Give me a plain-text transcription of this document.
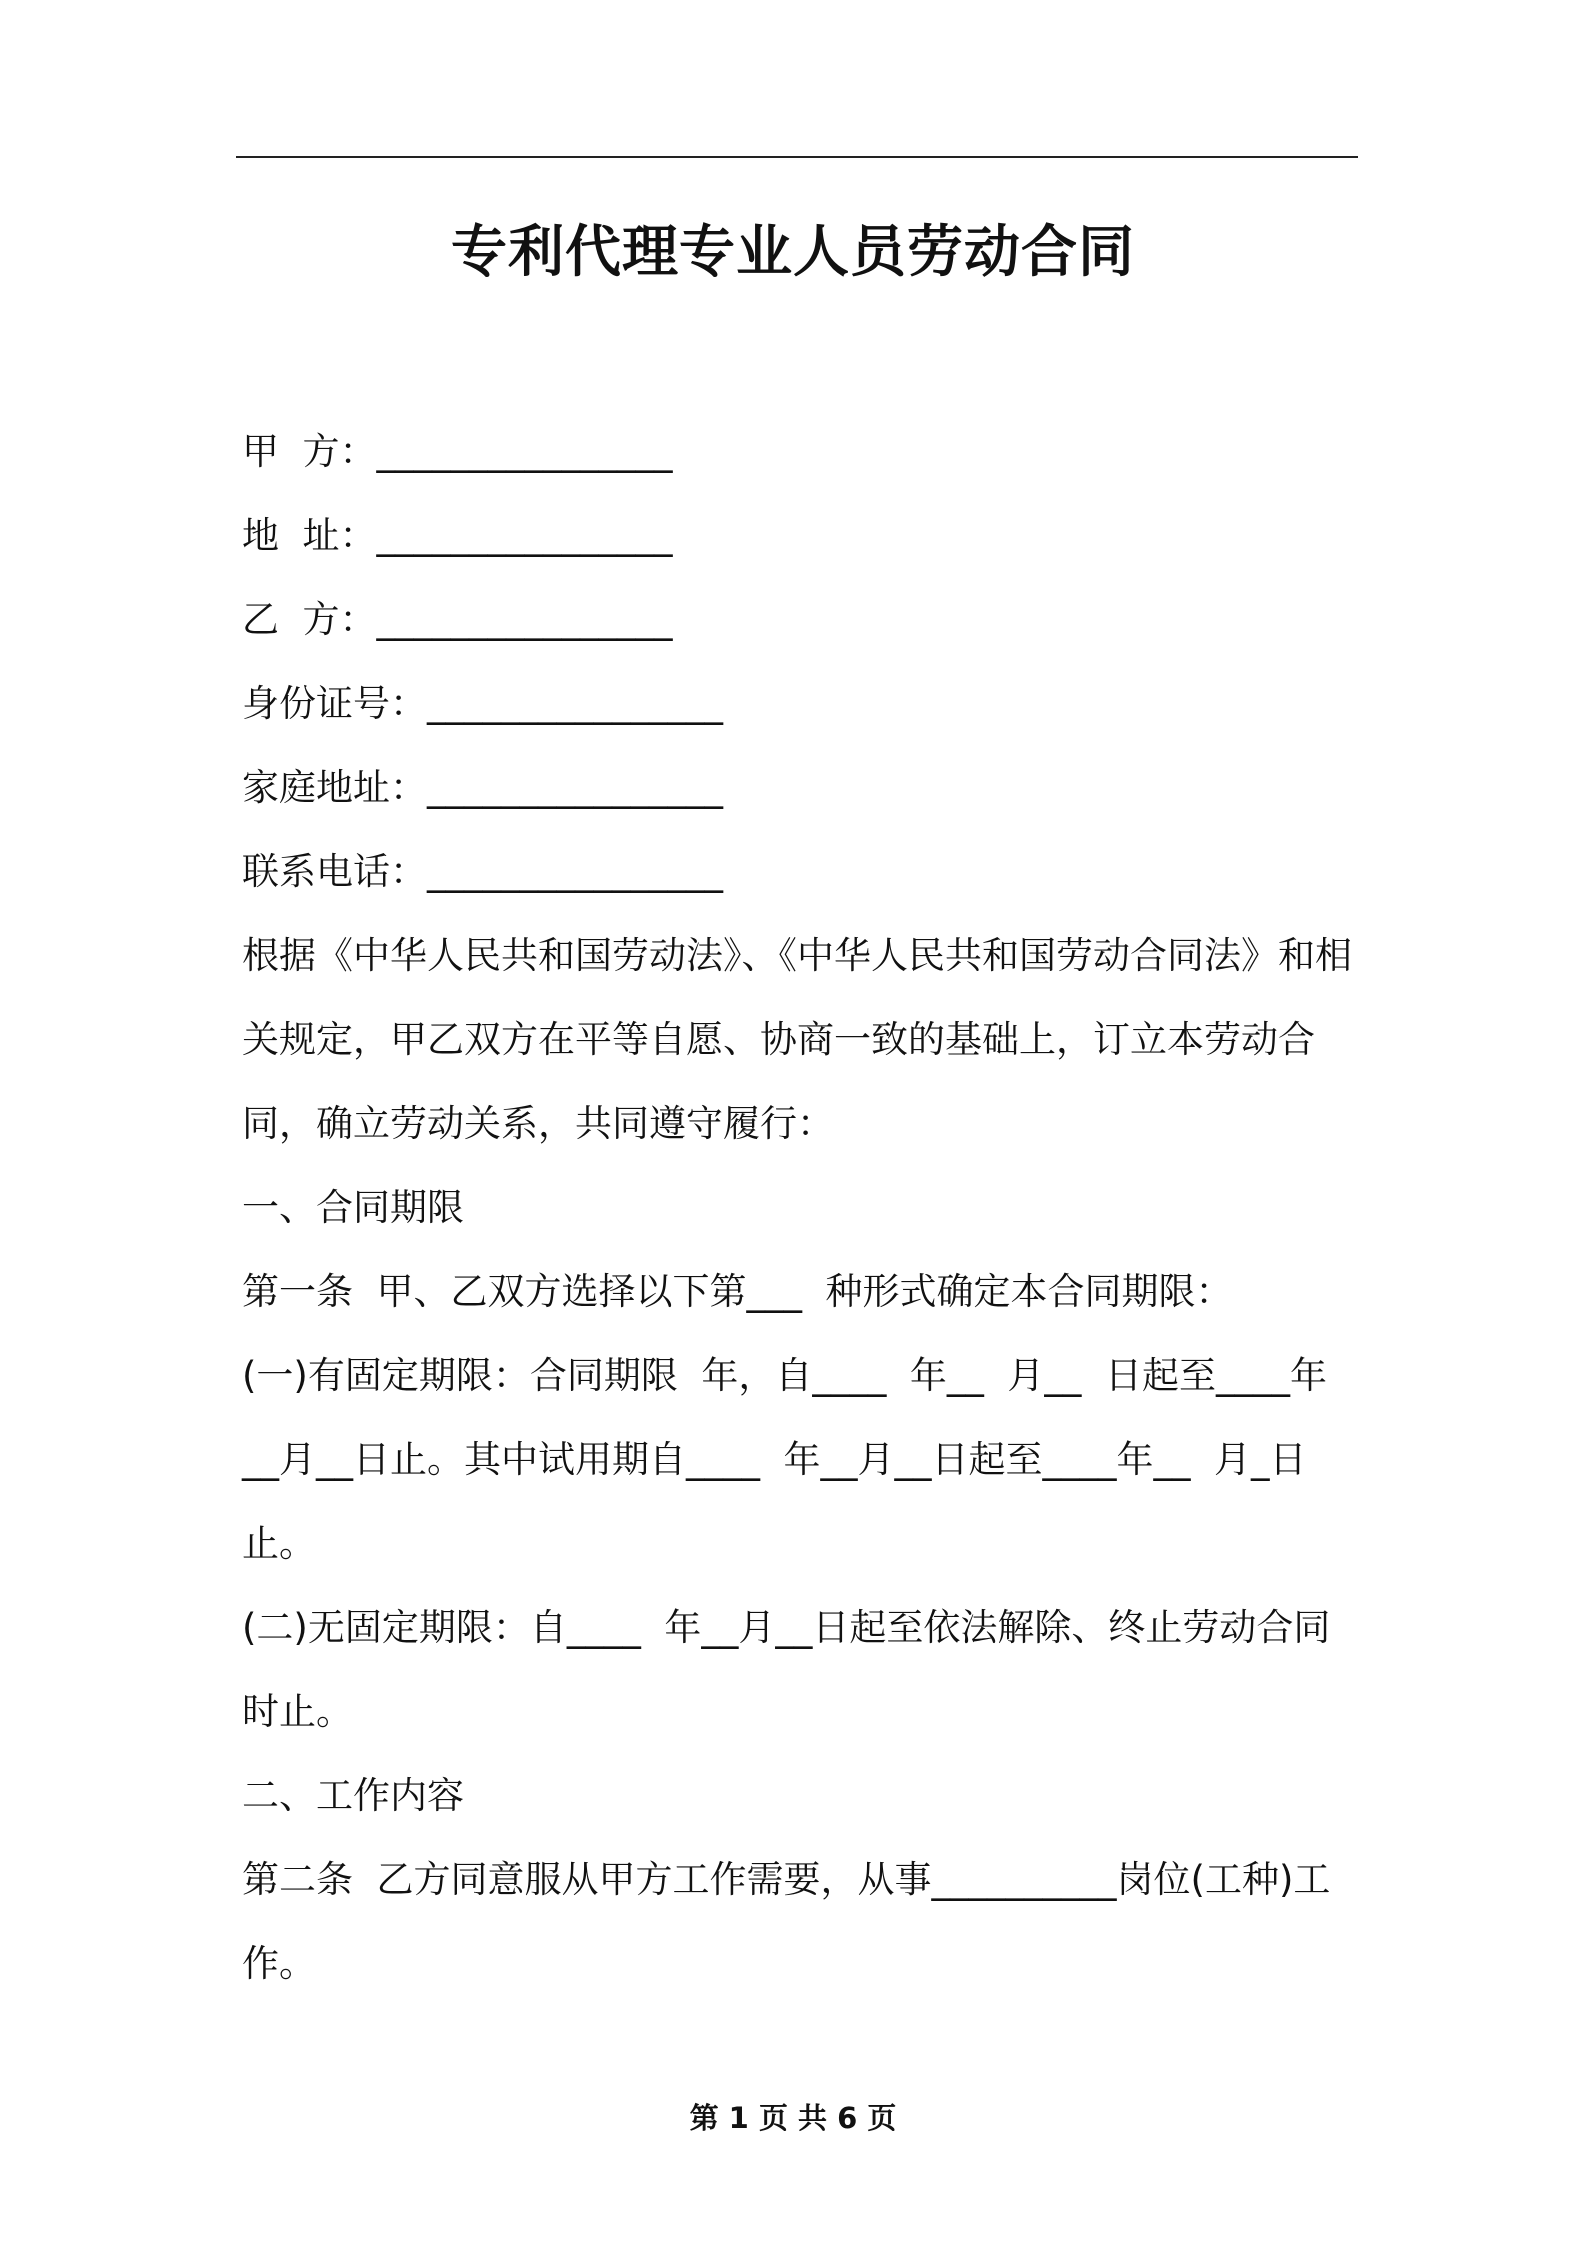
专利代理专业人员劳动合同

甲  方：________________

地  址：________________

乙  方：________________

身份证号：________________

家庭地址：________________

联系电话：________________

根据《中华人民共和国劳动法》、《中华人民共和国劳动合同法》和相关规定，甲乙双方在平等自愿、协商一致的基础上，订立本劳动合同，确立劳动关系，共同遵守履行：

一、合同期限

第一条  甲、乙双方选择以下第___  种形式确定本合同期限：

(一)有固定期限：合同期限  年，自____  年__  月__  日起至____年__月__日止。其中试用期自____  年__月__日起至____年__  月_日止。

(二)无固定期限：自____  年__月__日起至依法解除、终止劳动合同时止。

二、工作内容

第二条  乙方同意服从甲方工作需要，从事__________岗位(工种)工作。

第 1 页 共 6 页
